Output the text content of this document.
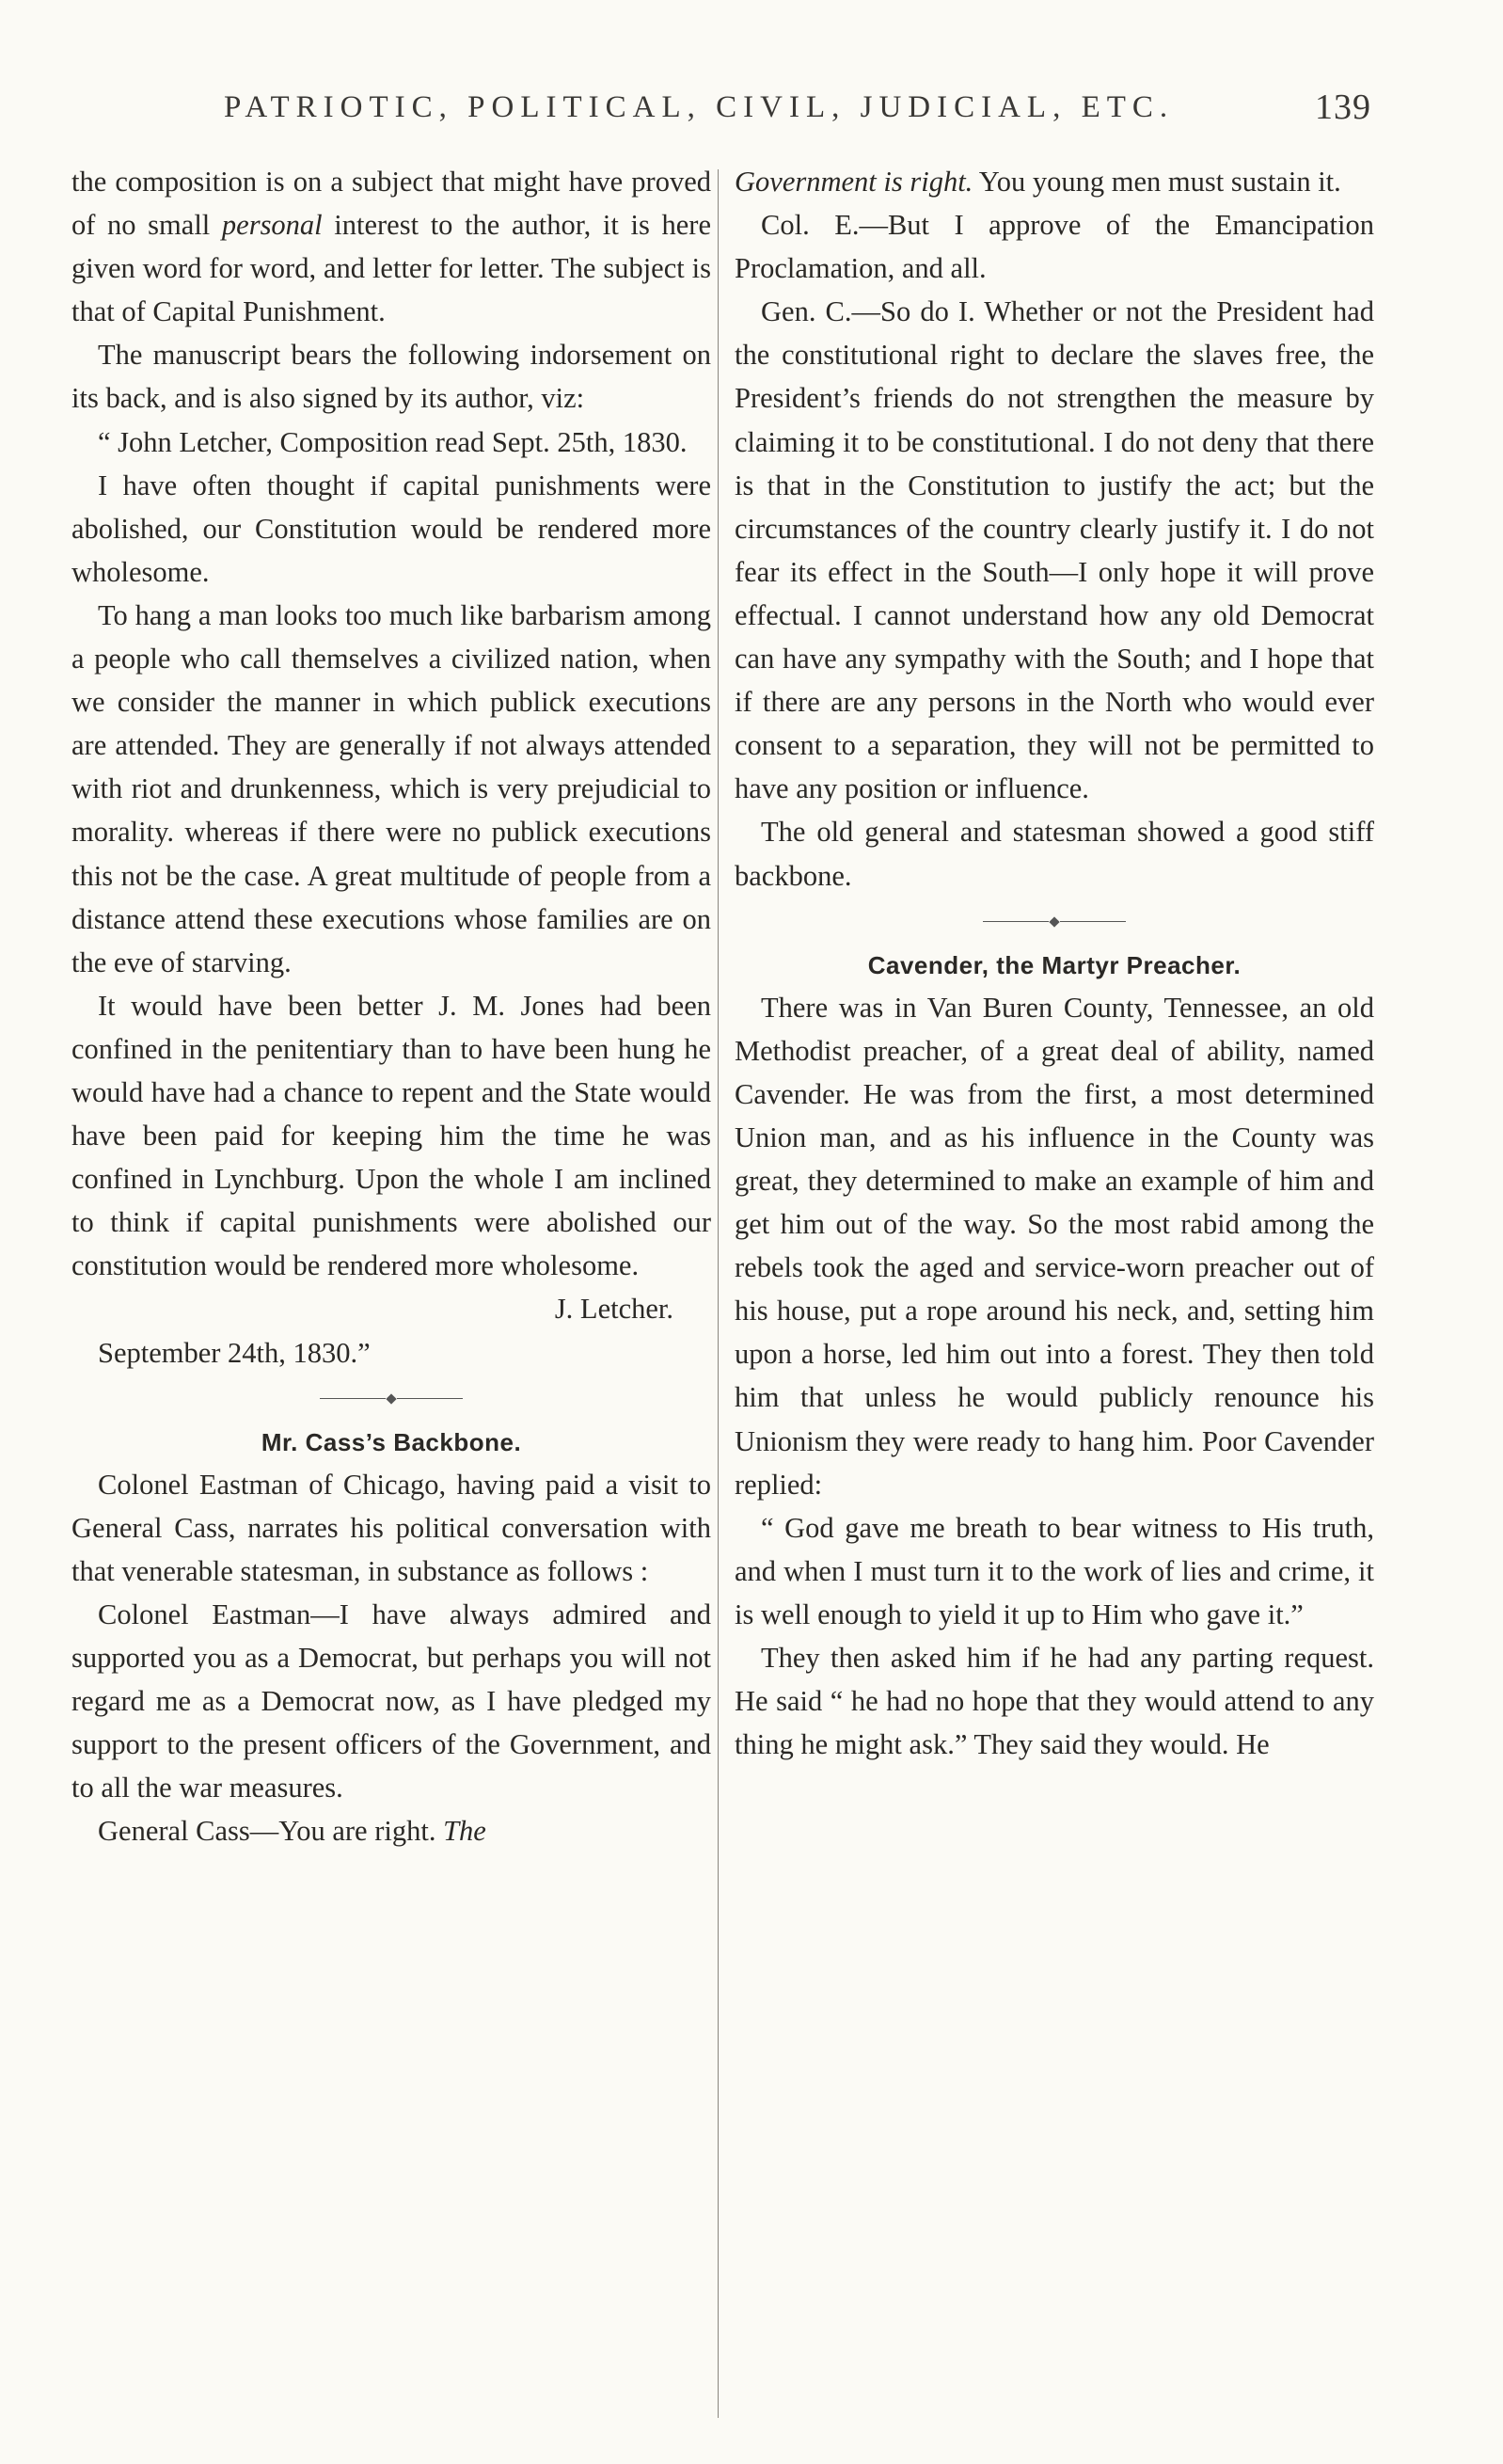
PATRIOTIC, POLITICAL, CIVIL, JUDICIAL, ETC.	139

the composition is on a subject that might have proved of no small personal interest to the author, it is here given word for word, and letter for letter. The subject is that of Capital Punishment.

The manuscript bears the following indorsement on its back, and is also signed by its author, viz:

“ John Letcher, Composition read Sept. 25th, 1830.

I have often thought if capital punishments were abolished, our Constitution would be rendered more wholesome.

To hang a man looks too much like barbarism among a people who call themselves a civilized nation, when we consider the manner in which publick executions are attended. They are generally if not always attended with riot and drunkenness, which is very prejudicial to morality. whereas if there were no publick executions this not be the case. A great multitude of people from a distance attend these executions whose families are on the eve of starving.

It would have been better J. M. Jones had been confined in the penitentiary than to have been hung he would have had a chance to repent and the State would have been paid for keeping him the time he was confined in Lynchburg. Upon the whole I am inclined to think if capital punishments were abolished our constitution would be rendered more wholesome.
J. Letcher.

September 24th, 1830.”

Mr. Cass’s Backbone.

Colonel Eastman of Chicago, having paid a visit to General Cass, narrates his political conversation with that venerable statesman, in substance as follows :

Colonel Eastman—I have always admired and supported you as a Democrat, but perhaps you will not regard me as a Democrat now, as I have pledged my support to the present officers of the Government, and to all the war measures.

General Cass—You are right. The

Government is right. You young men must sustain it.

Col. E.—But I approve of the Emancipation Proclamation, and all.

Gen. C.—So do I. Whether or not the President had the constitutional right to declare the slaves free, the President’s friends do not strengthen the measure by claiming it to be constitutional. I do not deny that there is that in the Constitution to justify the act; but the circumstances of the country clearly justify it. I do not fear its effect in the South—I only hope it will prove effectual. I cannot understand how any old Democrat can have any sympathy with the South; and I hope that if there are any persons in the North who would ever consent to a separation, they will not be permitted to have any position or influence.

The old general and statesman showed a good stiff backbone.

Cavender, the Martyr Preacher.

There was in Van Buren County, Tennessee, an old Methodist preacher, of a great deal of ability, named Cavender. He was from the first, a most determined Union man, and as his influence in the County was great, they determined to make an example of him and get him out of the way. So the most rabid among the rebels took the aged and service-worn preacher out of his house, put a rope around his neck, and, setting him upon a horse, led him out into a forest. They then told him that unless he would publicly renounce his Unionism they were ready to hang him. Poor Cavender replied:

“ God gave me breath to bear witness to His truth, and when I must turn it to the work of lies and crime, it is well enough to yield it up to Him who gave it.”

They then asked him if he had any parting request. He said “ he had no hope that they would attend to any thing he might ask.” They said they would. He
